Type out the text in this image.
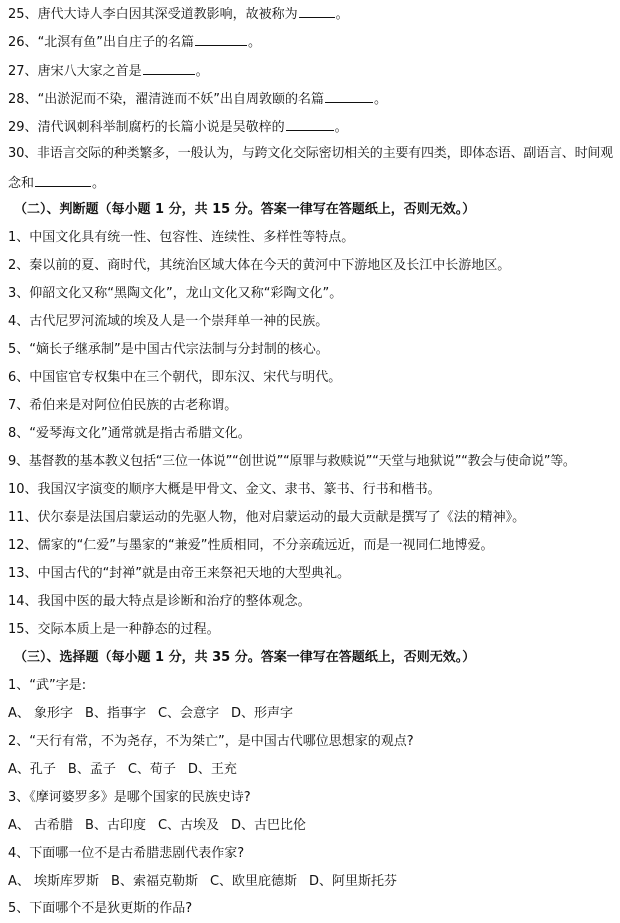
25、唐代大诗人李白因其深受道教影响，故被称为	。
26、“北溟有鱼”出自庄子的名篇	。
27、唐宋八大家之首是	。
28、“出淤泥而不染，濯清涟而不妖”出自周敦颐的名篇	。
29、清代讽刺科举制腐朽的长篇小说是吴敬梓的	。
30、非语言交际的种类繁多，一般认为，与跨文化交际密切相关的主要有四类，即体态语、副语言、时间观
念和	。
（二）、判断题（每小题 1 分，共 15 分。答案一律写在答题纸上，否则无效。）
1、中国文化具有统一性、包容性、连续性、多样性等特点。
2、秦以前的夏、商时代，其统治区域大体在今天的黄河中下游地区及长江中长游地区。
3、仰韶文化又称“黑陶文化”，龙山文化又称“彩陶文化”。
4、古代尼罗河流域的埃及人是一个崇拜单一神的民族。
5、“嫡长子继承制”是中国古代宗法制与分封制的核心。
6、中国宦官专权集中在三个朝代，即东汉、宋代与明代。
7、希伯来是对阿位伯民族的古老称谓。
8、“爱琴海文化”通常就是指古希腊文化。
9、基督教的基本教义包括“三位一体说”“创世说”“原罪与救赎说”“天堂与地狱说”“教会与使命说”等。
10、我国汉字演变的顺序大概是甲骨文、金文、隶书、篆书、行书和楷书。
11、伏尔泰是法国启蒙运动的先驱人物，他对启蒙运动的最大贡献是撰写了《法的精神》。
12、儒家的“仁爱”与墨家的“兼爱”性质相同，不分亲疏远近，而是一视同仁地博爱。
13、中国古代的“封禅”就是由帝王来祭祀天地的大型典礼。
14、我国中医的最大特点是诊断和治疗的整体观念。
15、交际本质上是一种静态的过程。
（三）、选择题（每小题 1 分，共 35 分。答案一律写在答题纸上，否则无效。）
1、“武”字是:
A、 象形字 B、指事字 C、会意字 D、形声字
2、“天行有常，不为尧存，不为桀亡”，是中国古代哪位思想家的观点?
A、孔子 B、孟子 C、荀子 D、王充
3、《摩诃婆罗多》是哪个国家的民族史诗?
A、 古希腊 B、古印度 C、古埃及 D、古巴比伦
4、下面哪一位不是古希腊悲剧代表作家?
A、 埃斯库罗斯 B、索福克勒斯 C、欧里庇德斯 D、阿里斯托芬
5、下面哪个不是狄更斯的作品?
